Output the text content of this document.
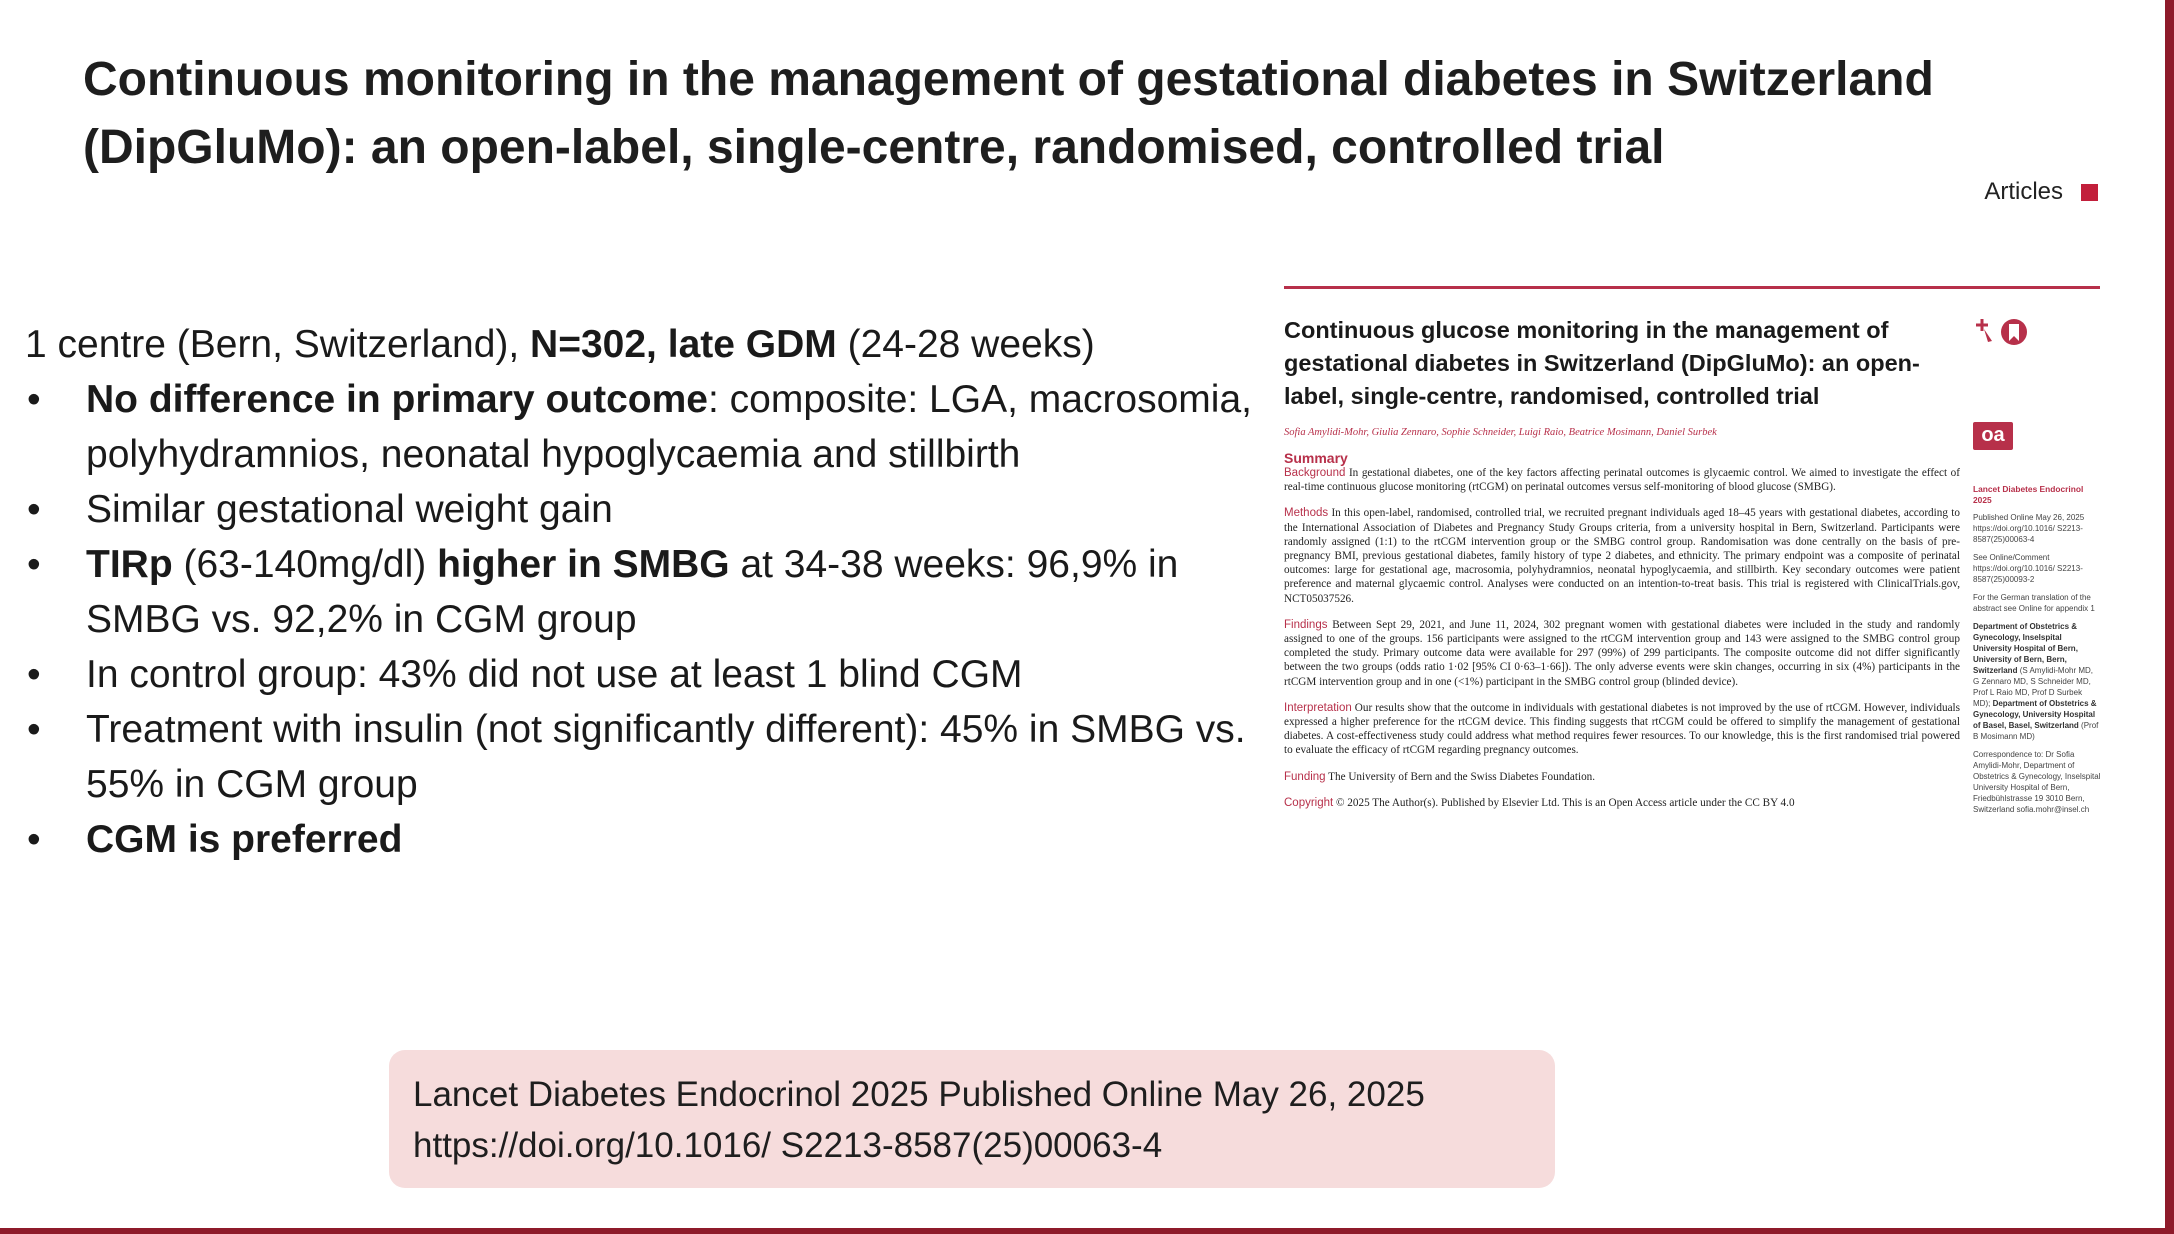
Continuous monitoring in the management of gestational diabetes in Switzerland (DipGluMo): an open-label, single-centre, randomised, controlled trial
Articles

1 centre (Bern, Switzerland), N=302, late GDM (24-28 weeks)

• No difference in primary outcome: composite: LGA, macrosomia, polyhydramnios, neonatal hypoglycaemia and stillbirth
• Similar gestational weight gain
• TIRp (63-140mg/dl) higher in SMBG at 34-38 weeks: 96,9% in SMBG vs. 92,2% in CGM group
• In control group: 43% did not use at least 1 blind CGM
• Treatment with insulin (not significantly different): 45% in SMBG vs. 55% in CGM group
• CGM is preferred
Continuous glucose monitoring in the management of gestational diabetes in Switzerland (DipGluMo): an open-label, single-centre, randomised, controlled trial
oa
Sofia Amylidi-Mohr, Giulia Zennaro, Sophie Schneider, Luigi Raio, Beatrice Mosimann, Daniel Surbek
Summary

Background In gestational diabetes, one of the key factors affecting perinatal outcomes is glycaemic control. We aimed to investigate the effect of real-time continuous glucose monitoring (rtCGM) on perinatal outcomes versus self-monitoring of blood glucose (SMBG).

Methods In this open-label, randomised, controlled trial, we recruited pregnant individuals aged 18–45 years with gestational diabetes, according to the International Association of Diabetes and Pregnancy Study Groups criteria, from a university hospital in Bern, Switzerland. Participants were randomly assigned (1:1) to the rtCGM intervention group or the SMBG control group. Randomisation was done centrally on the basis of pre-pregnancy BMI, previous gestational diabetes, family history of type 2 diabetes, and ethnicity. The primary endpoint was a composite of perinatal outcomes: large for gestational age, macrosomia, polyhydramnios, neonatal hypoglycaemia, and stillbirth. Key secondary outcomes were patient preference and maternal glycaemic control. Analyses were conducted on an intention-to-treat basis. This trial is registered with ClinicalTrials.gov, NCT05037526.

Findings Between Sept 29, 2021, and June 11, 2024, 302 pregnant women with gestational diabetes were included in the study and randomly assigned to one of the groups. 156 participants were assigned to the rtCGM intervention group and 143 were assigned to the SMBG control group completed the study. Primary outcome data were available for 297 (99%) of 299 participants. The composite outcome did not differ significantly between the two groups (odds ratio 1·02 [95% CI 0·63–1·66]). The only adverse events were skin changes, occurring in six (4%) participants in the rtCGM intervention group and in one (<1%) participant in the SMBG control group (blinded device).

Interpretation Our results show that the outcome in individuals with gestational diabetes is not improved by the use of rtCGM. However, individuals expressed a higher preference for the rtCGM device. This finding suggests that rtCGM could be offered to simplify the management of gestational diabetes. A cost-effectiveness study could address what method requires fewer resources. To our knowledge, this is the first randomised trial powered to evaluate the efficacy of rtCGM regarding pregnancy outcomes.

Funding The University of Bern and the Swiss Diabetes Foundation.

Copyright © 2025 The Author(s). Published by Elsevier Ltd. This is an Open Access article under the CC BY 4.0

Lancet Diabetes Endocrinol 2025

Published Online May 26, 2025 https://doi.org/10.1016/ S2213-8587(25)00063-4

See Online/Comment https://doi.org/10.1016/ S2213-8587(25)00093-2

For the German translation of the abstract see Online for appendix 1

Department of Obstetrics & Gynecology, Inselspital University Hospital of Bern, University of Bern, Bern, Switzerland (S Amylidi-Mohr MD, G Zennaro MD, S Schneider MD, Prof L Raio MD, Prof D Surbek MD); Department of Obstetrics & Gynecology, University Hospital of Basel, Basel, Switzerland (Prof B Mosimann MD)

Correspondence to: Dr Sofia Amylidi-Mohr, Department of Obstetrics & Gynecology, Inselspital University Hospital of Bern, Friedbühlstrasse 19 3010 Bern, Switzerland sofia.mohr@insel.ch

Lancet Diabetes Endocrinol 2025 Published Online May 26, 2025 https://doi.org/10.1016/ S2213-8587(25)00063-4
